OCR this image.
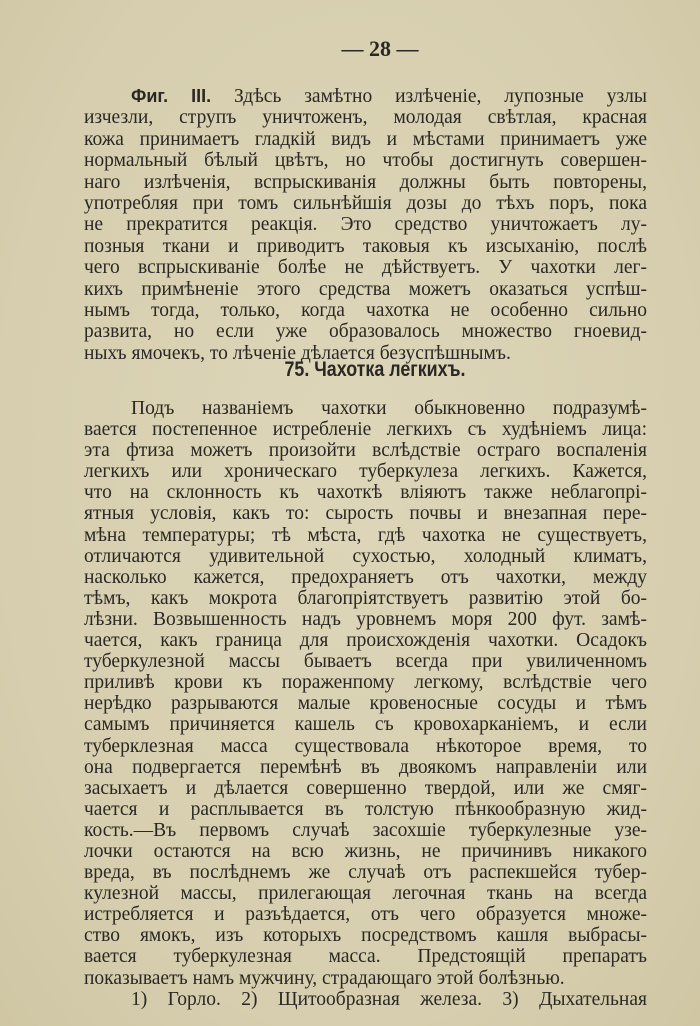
— 28 —
Фиг. III. Здѣсь замѣтно излѣченіе, лупозные узлы
изчезли, струпъ уничтоженъ, молодая свѣтлая, красная
кожа принимаетъ гладкій видъ и мѣстами принимаетъ уже
нормальный бѣлый цвѣтъ, но чтобы достигнуть совершен-
наго излѣченія, вспрыскиванія должны быть повторены,
употребляя при томъ сильнѣйшія дозы до тѣхъ поръ, пока
не прекратится реакція. Это средство уничтожаетъ лу-
позныя ткани и приводитъ таковыя къ изсыханію, послѣ
чего вспрыскиваніе болѣе не дѣйствуетъ. У чахотки лег-
кихъ примѣненіе этого средства можетъ оказаться успѣш-
нымъ тогда, только, когда чахотка не особенно сильно
развита, но если уже образовалось множество гноевид-
ныхъ ямочекъ, то лѣченіе дѣлается безуспѣшнымъ.
75. Чахотка легкихъ.
Подъ названіемъ чахотки обыкновенно подразумѣ-
вается постепенное истребленіе легкихъ съ худѣніемъ лица:
эта фтиза можетъ произойти вслѣдствіе остраго воспаленія
легкихъ или хроническаго туберкулеза легкихъ. Кажется,
что на склонность къ чахоткѣ вліяютъ также неблагопрі-
ятныя условія, какъ то: сырость почвы и внезапная пере-
мѣна температуры; тѣ мѣста, гдѣ чахотка не существуетъ,
отличаются удивительной сухостью, холодный климатъ,
насколько кажется, предохраняетъ отъ чахотки, между
тѣмъ, какъ мокрота благопріятствуетъ развитію этой бо-
лѣзни. Возвышенность надъ уровнемъ моря 200 фут. замѣ-
чается, какъ граница для происхожденія чахотки. Осадокъ
туберкулезной массы бываетъ всегда при увиличенномъ
приливѣ крови къ пораженпому легкому, вслѣдствіе чего
нерѣдко разрываются малые кровеносные сосуды и тѣмъ
самымъ причиняется кашель съ кровохарканіемъ, и если
туберклезная масса существовала нѣкоторое время, то
она подвергается перемѣнѣ въ двоякомъ направленіи или
засыхаетъ и дѣлается совершенно твердой, или же смяг-
чается и расплывается въ толстую пѣнкообразную жид-
кость.—Въ первомъ случаѣ засохшіе туберкулезные узе-
лочки остаются на всю жизнь, не причинивъ никакого
вреда, въ послѣднемъ же случаѣ отъ распекшейся тубер-
кулезной массы, прилегающая легочная ткань на всегда
истребляется и разъѣдается, отъ чего образуется множе-
ство ямокъ, изъ которыхъ посредствомъ кашля выбрасы-
вается туберкулезная масса. Предстоящій препаратъ
показываетъ намъ мужчину, страдающаго этой болѣзнью.
1) Горло. 2) Щитообразная железа. 3) Дыхательная
